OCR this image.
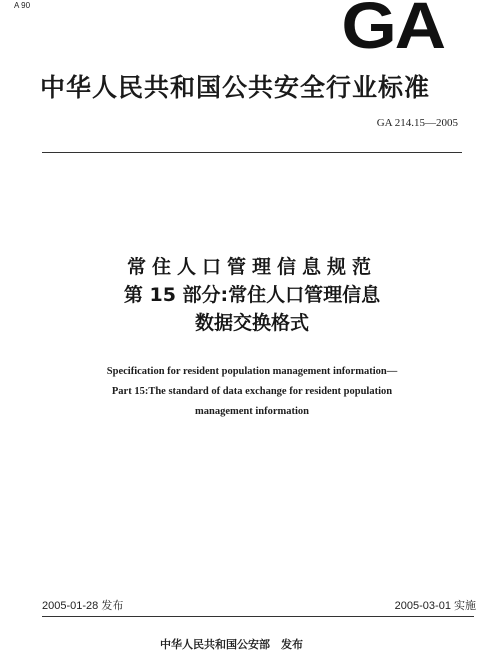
A 90	GA
中华人民共和国公共安全行业标准
GA 214.15—2005
常住人口管理信息规范
第 15 部分:常住人口管理信息
数据交换格式
Specification for resident population management information—
Part 15:The standard of data exchange for resident population
management information
2005-01-28 发布	2005-03-01 实施
中华人民共和国公安部　发布
